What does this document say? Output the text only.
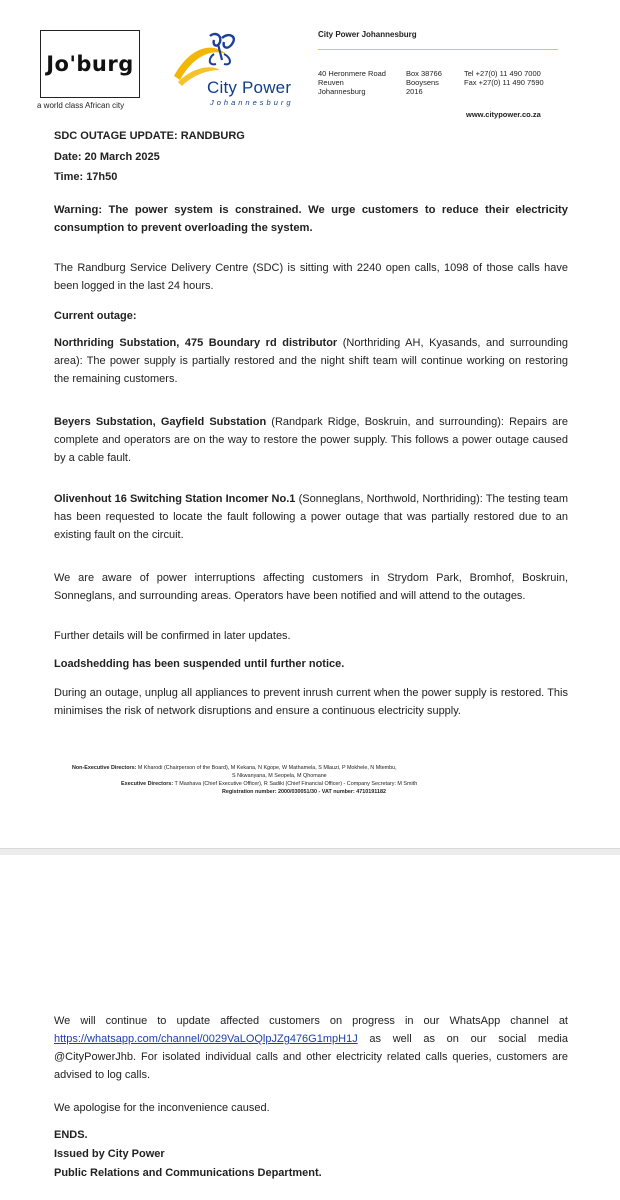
Jo'burg
a world class African city
City Power
Johannesburg
City Power Johannesburg
40 Heronmere Road
Reuven
Johannesburg
Box 38766
Booysens
2016
Tel +27(0) 11 490 7000
Fax +27(0) 11 490 7590
www.citypower.co.za
SDC OUTAGE UPDATE: RANDBURG
Date: 20 March 2025
Time: 17h50
Warning: The power system is constrained. We urge customers to reduce their electricity consumption to prevent overloading the system.
The Randburg Service Delivery Centre (SDC) is sitting with 2240 open calls, 1098 of those calls have been logged in the last 24 hours.
Current outage:
Northriding Substation, 475 Boundary rd distributor (Northriding AH, Kyasands, and surrounding area): The power supply is partially restored and the night shift team will continue working on restoring the remaining customers.
Beyers Substation, Gayfield Substation (Randpark Ridge, Boskruin, and surrounding): Repairs are complete and operators are on the way to restore the power supply. This follows a power outage caused by a cable fault.
Olivenhout 16 Switching Station Incomer No.1 (Sonneglans, Northwold, Northriding): The testing team has been requested to locate the fault following a power outage that was partially restored due to an existing fault on the circuit.
We are aware of power interruptions affecting customers in Strydom Park, Bromhof, Boskruin, Sonneglans, and surrounding areas. Operators have been notified and will attend to the outages.
Further details will be confirmed in later updates.
Loadshedding has been suspended until further notice.
During an outage, unplug all appliances to prevent inrush current when the power supply is restored. This minimises the risk of network disruptions and ensure a continuous electricity supply.
Non-Executive Directors: M Kharodi (Chairperson of the Board), M Kekana, N Kgope, W Mathamela, S Mlauzi, P Mokhele, N Mtembu,
S Nkwanyana, M Seopela, M Qhomane
Executive Directors: T Mashava (Chief Executive Officer), R Sadiki (Chief Financial Officer) - Company Secretary: M Smith
Registration number: 2000/030051/30 - VAT number: 4710191182
We will continue to update affected customers on progress in our WhatsApp channel at https://whatsapp.com/channel/0029VaLOQlpJZg476G1mpH1J as well as on our social media @CityPowerJhb. For isolated individual calls and other electricity related calls queries, customers are advised to log calls.
We apologise for the inconvenience caused.
ENDS.
Issued by City Power
Public Relations and Communications Department.
